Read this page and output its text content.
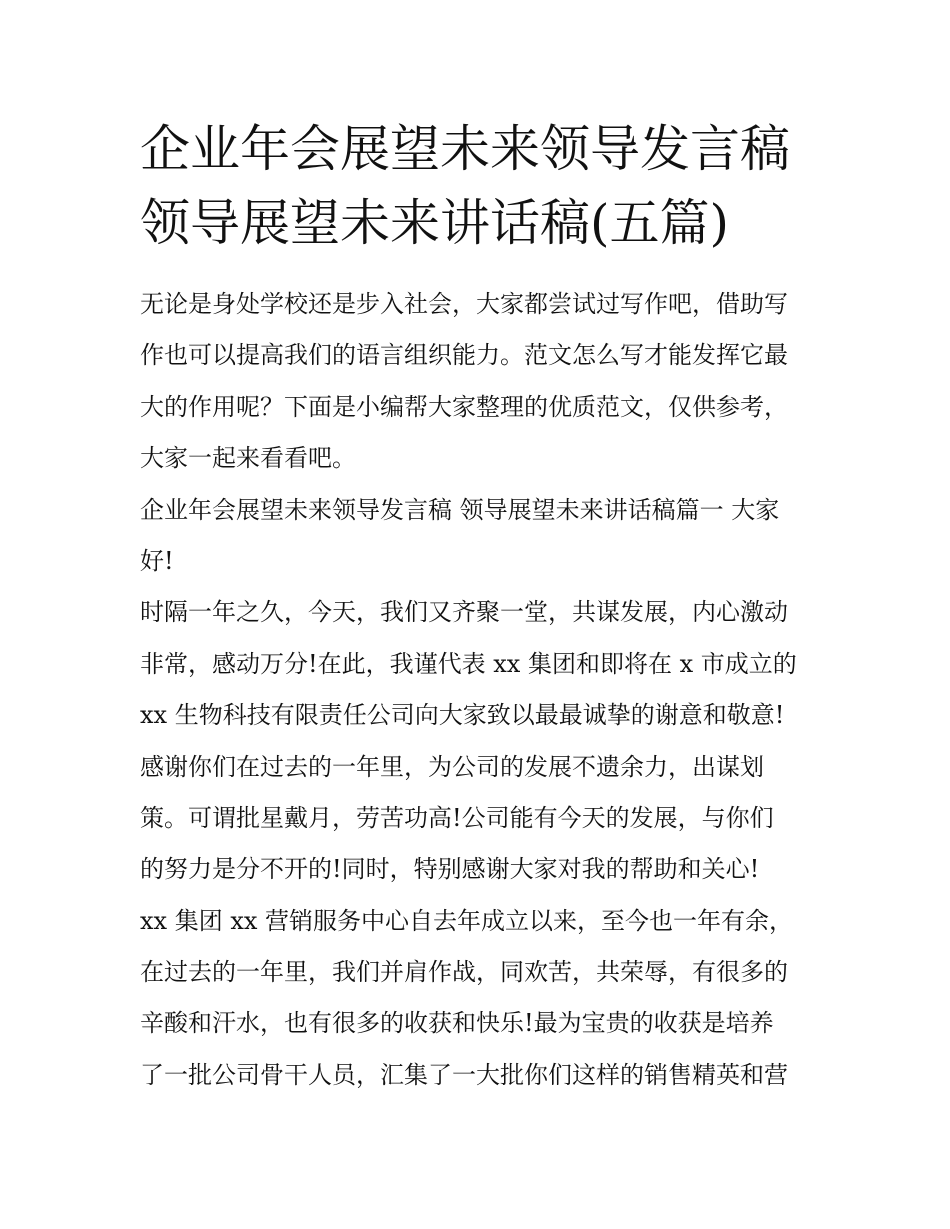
企业年会展望未来领导发言稿
领导展望未来讲话稿(五篇)
无论是身处学校还是步入社会，大家都尝试过写作吧，借助写
作也可以提高我们的语言组织能力。范文怎么写才能发挥它最
大的作用呢？下面是小编帮大家整理的优质范文，仅供参考，
大家一起来看看吧。
企业年会展望未来领导发言稿 领导展望未来讲话稿篇一 大家
好!
时隔一年之久，今天，我们又齐聚一堂，共谋发展，内心激动
非常，感动万分!在此，我谨代表 xx 集团和即将在 x 市成立的
xx 生物科技有限责任公司向大家致以最最诚挚的谢意和敬意!
感谢你们在过去的一年里，为公司的发展不遗余力，出谋划
策。可谓批星戴月，劳苦功高!公司能有今天的发展，与你们
的努力是分不开的!同时，特别感谢大家对我的帮助和关心!
xx 集团 xx 营销服务中心自去年成立以来，至今也一年有余，
在过去的一年里，我们并肩作战，同欢苦，共荣辱，有很多的
辛酸和汗水，也有很多的收获和快乐!最为宝贵的收获是培养
了一批公司骨干人员，汇集了一大批你们这样的销售精英和营
